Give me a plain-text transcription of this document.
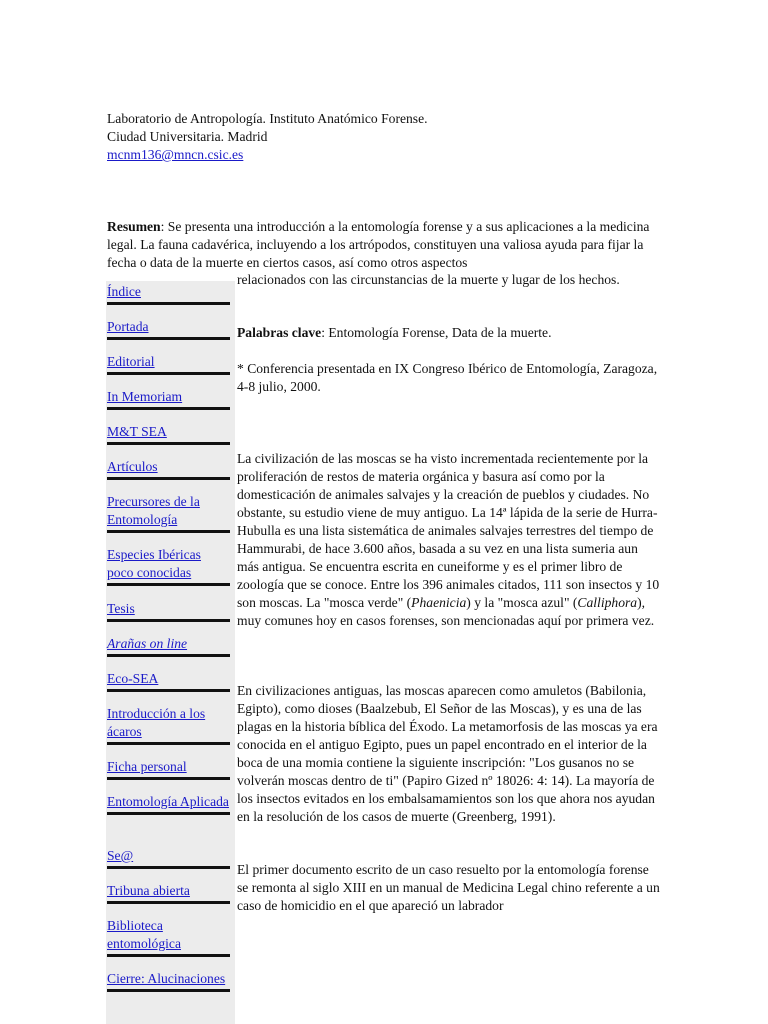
Laboratorio de Antropología. Instituto Anatómico Forense.
Ciudad Universitaria. Madrid
mcnm136@mncn.csic.es

Resumen: Se presenta una introducción a la entomología forense y a sus aplicaciones a la medicina legal. La fauna cadavérica, incluyendo a los artrópodos, constituyen una valiosa ayuda para fijar la fecha o data de la muerte en ciertos casos, así como otros aspectos

relacionados con las circunstancias de la muerte y lugar de los hechos.

Índice
Portada
Editorial
In Memoriam
M&T SEA
Artículos
Precursores de la Entomología
Especies Ibéricas poco conocidas
Tesis
Arañas on line
Eco-SEA
Introducción a los ácaros
Ficha personal
Entomología Aplicada
Se@
Tribuna abierta
Biblioteca entomológica
Cierre: Alucinaciones

Palabras clave: Entomología Forense, Data de la muerte.

* Conferencia presentada en IX Congreso Ibérico de Entomología, Zaragoza, 4-8 julio, 2000.

La civilización de las moscas se ha visto incrementada recientemente por la proliferación de restos de materia orgánica y basura así como por la domesticación de animales salvajes y la creación de pueblos y ciudades. No obstante, su estudio viene de muy antiguo. La 14ª lápida de la serie de Hurra-Hubulla es una lista sistemática de animales salvajes terrestres del tiempo de Hammurabi, de hace 3.600 años, basada a su vez en una lista sumeria aun más antigua. Se encuentra escrita en cuneiforme y es el primer libro de zoología que se conoce. Entre los 396 animales citados, 111 son insectos y 10 son moscas. La "mosca verde" (Phaenicia) y la "mosca azul" (Calliphora), muy comunes hoy en casos forenses, son mencionadas aquí por primera vez.

En civilizaciones antiguas, las moscas aparecen como amuletos (Babilonia, Egipto), como dioses (Baalzebub, El Señor de las Moscas), y es una de las plagas en la historia bíblica del Éxodo. La metamorfosis de las moscas ya era conocida en el antiguo Egipto, pues un papel encontrado en el interior de la boca de una momia contiene la siguiente inscripción: "Los gusanos no se volverán moscas dentro de ti" (Papiro Gized nº 18026: 4: 14). La mayoría de los insectos evitados en los embalsamamientos son los que ahora nos ayudan en la resolución de los casos de muerte (Greenberg, 1991).

El primer documento escrito de un caso resuelto por la entomología forense se remonta al siglo XIII en un manual de Medicina Legal chino referente a un caso de homicidio en el que apareció un labrador
